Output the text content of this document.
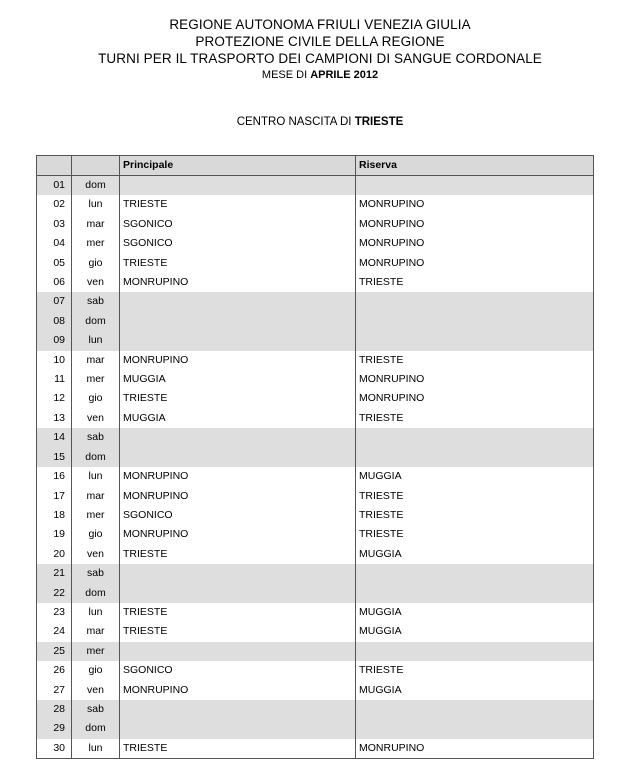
REGIONE AUTONOMA FRIULI VENEZIA GIULIA
PROTEZIONE CIVILE DELLA REGIONE
TURNI PER IL TRASPORTO DEI CAMPIONI DI SANGUE CORDONALE
MESE DI APRILE 2012
CENTRO NASCITA DI TRIESTE
		Principale	Riserva
01	dom		
02	lun	TRIESTE	MONRUPINO
03	mar	SGONICO	MONRUPINO
04	mer	SGONICO	MONRUPINO
05	gio	TRIESTE	MONRUPINO
06	ven	MONRUPINO	TRIESTE
07	sab		
08	dom		
09	lun		
10	mar	MONRUPINO	TRIESTE
11	mer	MUGGIA	MONRUPINO
12	gio	TRIESTE	MONRUPINO
13	ven	MUGGIA	TRIESTE
14	sab		
15	dom		
16	lun	MONRUPINO	MUGGIA
17	mar	MONRUPINO	TRIESTE
18	mer	SGONICO	TRIESTE
19	gio	MONRUPINO	TRIESTE
20	ven	TRIESTE	MUGGIA
21	sab		
22	dom		
23	lun	TRIESTE	MUGGIA
24	mar	TRIESTE	MUGGIA
25	mer		
26	gio	SGONICO	TRIESTE
27	ven	MONRUPINO	MUGGIA
28	sab		
29	dom		
30	lun	TRIESTE	MONRUPINO
